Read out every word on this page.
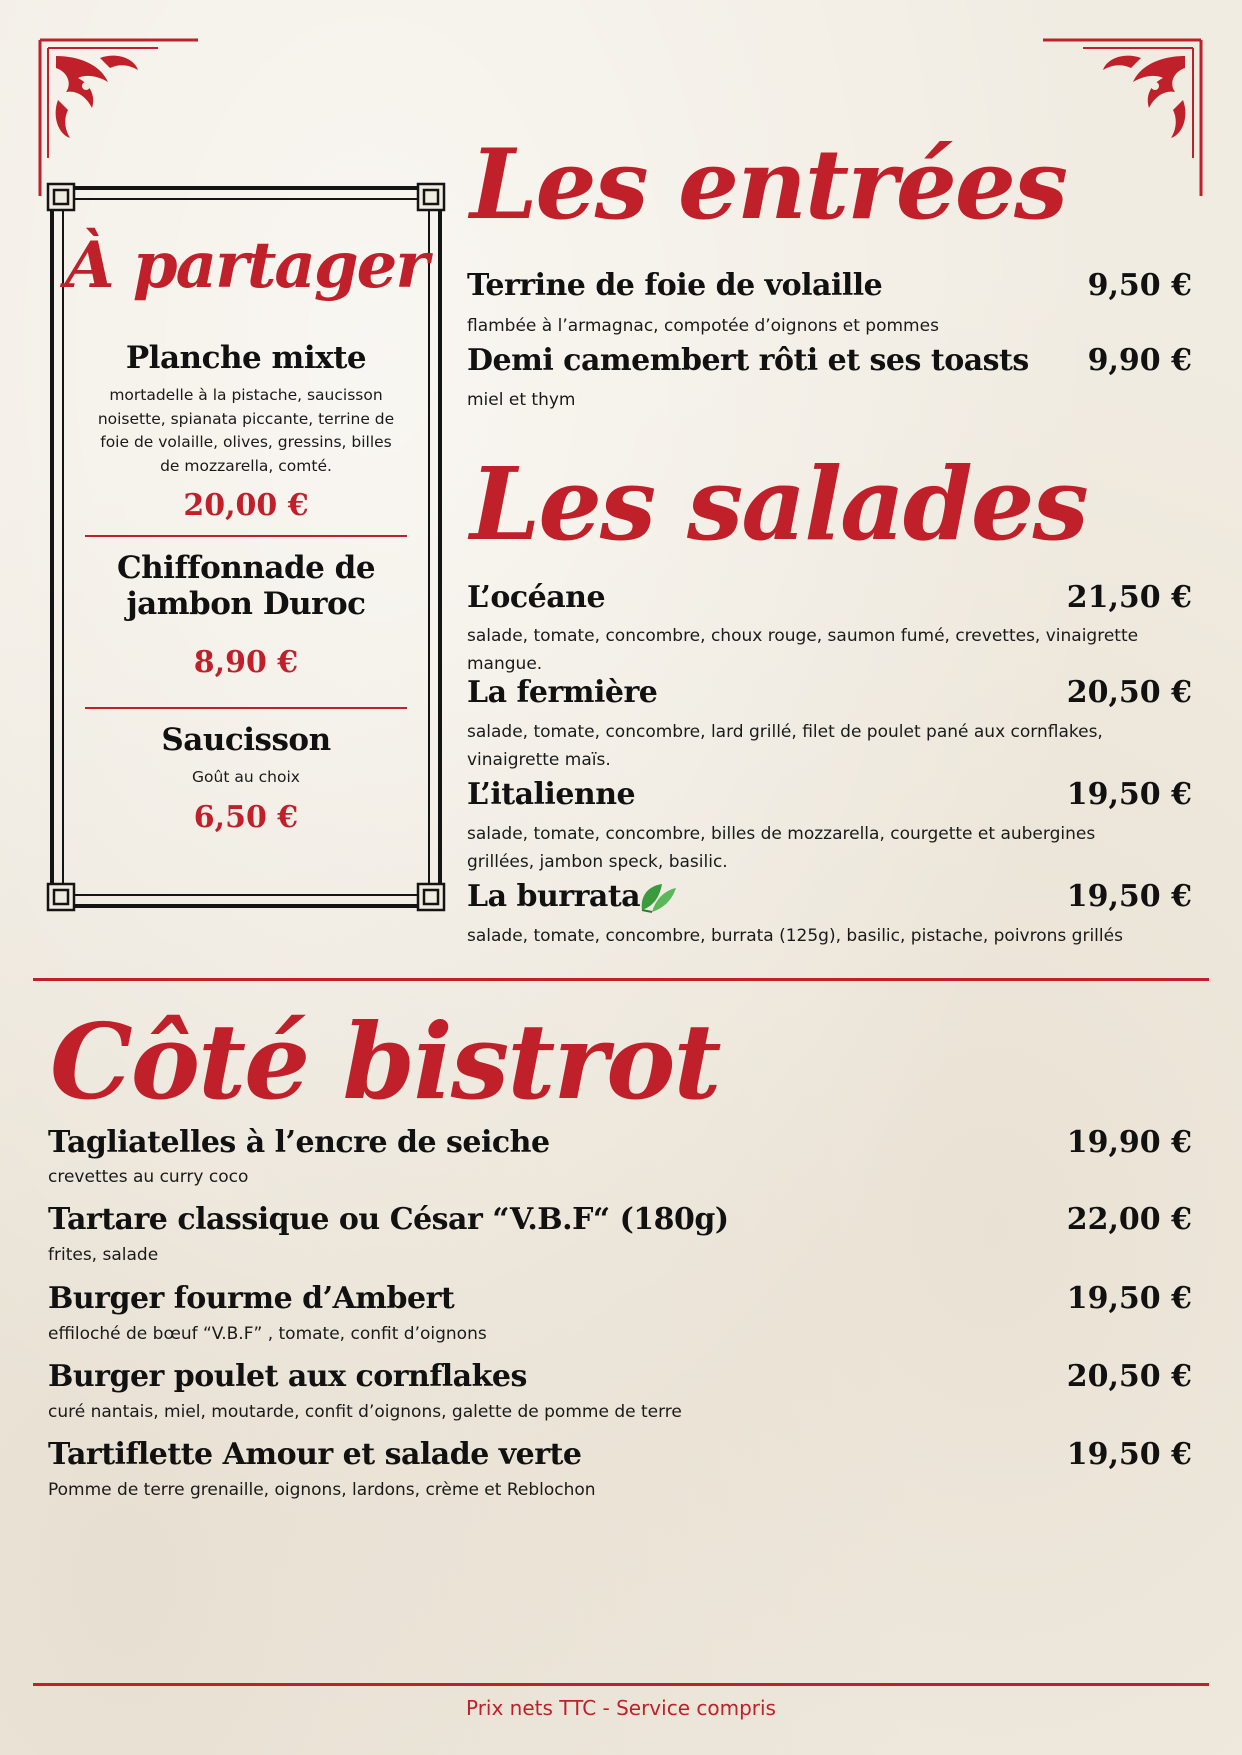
À partager
Planche mixte
mortadelle à la pistache, saucisson noisette, spianata piccante, terrine de foie de volaille, olives, gressins, billes de mozzarella, comté.
20,00 €
Chiffonnade de jambon Duroc
8,90 €
Saucisson
Goût au choix
6,50 €
Les entrées
Terrine de foie de volaille	9,50 €
flambée à l’armagnac, compotée d’oignons et pommes
Demi camembert rôti et ses toasts	9,90 €
miel et thym
Les salades
L’océane	21,50 €
salade, tomate, concombre, choux rouge, saumon fumé, crevettes, vinaigrette mangue.
La fermière	20,50 €
salade, tomate, concombre, lard grillé, filet de poulet pané aux cornflakes, vinaigrette maïs.
L’italienne	19,50 €
salade, tomate, concombre, billes de mozzarella, courgette et aubergines grillées, jambon speck, basilic.
La burrata	19,50 €
salade, tomate, concombre, burrata (125g), basilic, pistache, poivrons grillés
Côté bistrot
Tagliatelles à l’encre de seiche	19,90 €
crevettes au curry coco
Tartare classique ou César “V.B.F“ (180g)	22,00 €
frites, salade
Burger fourme d’Ambert	19,50 €
effiloché de bœuf “V.B.F” , tomate, confit d’oignons
Burger poulet aux cornflakes	20,50 €
curé nantais, miel, moutarde, confit d’oignons, galette de pomme de terre
Tartiflette Amour et salade verte	19,50 €
Pomme de terre grenaille, oignons, lardons, crème et Reblochon
Prix nets TTC - Service compris
